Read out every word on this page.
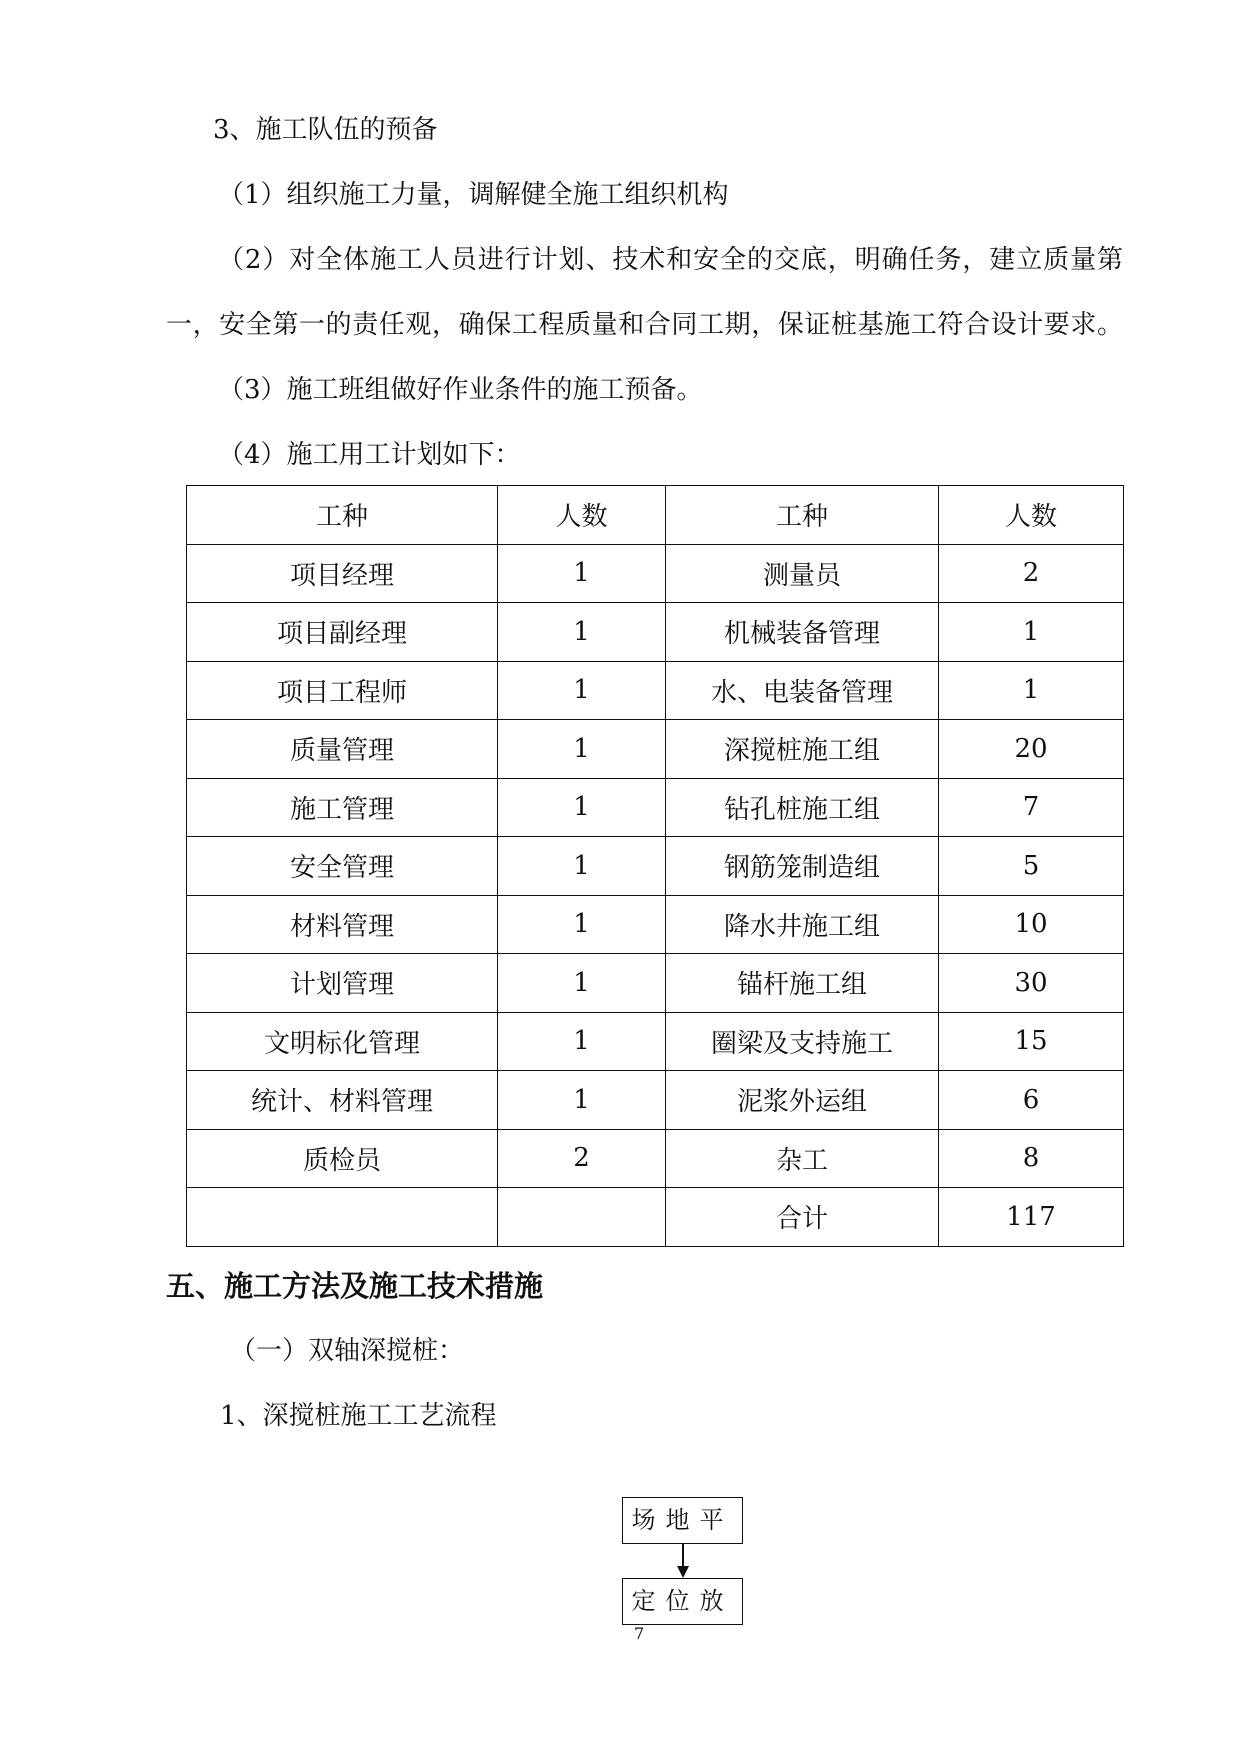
3、施工队伍的预备
（1）组织施工力量，调解健全施工组织机构
（2）对全体施工人员进行计划、技术和安全的交底，明确任务，建立质量第
一，安全第一的责任观，确保工程质量和合同工期，保证桩基施工符合设计要求。
（3）施工班组做好作业条件的施工预备。
（4）施工用工计划如下：
工种	人数	工种	人数
项目经理	1	测量员	2
项目副经理	1	机械装备管理	1
项目工程师	1	水、电装备管理	1
质量管理	1	深搅桩施工组	20
施工管理	1	钻孔桩施工组	7
安全管理	1	钢筋笼制造组	5
材料管理	1	降水井施工组	10
计划管理	1	锚杆施工组	30
文明标化管理	1	圈梁及支持施工	15
统计、材料管理	1	泥浆外运组	6
质检员	2	杂工	8
		合计	117
五、施工方法及施工技术措施
（一）双轴深搅桩：
1、深搅桩施工工艺流程
场地平
定位放
7
